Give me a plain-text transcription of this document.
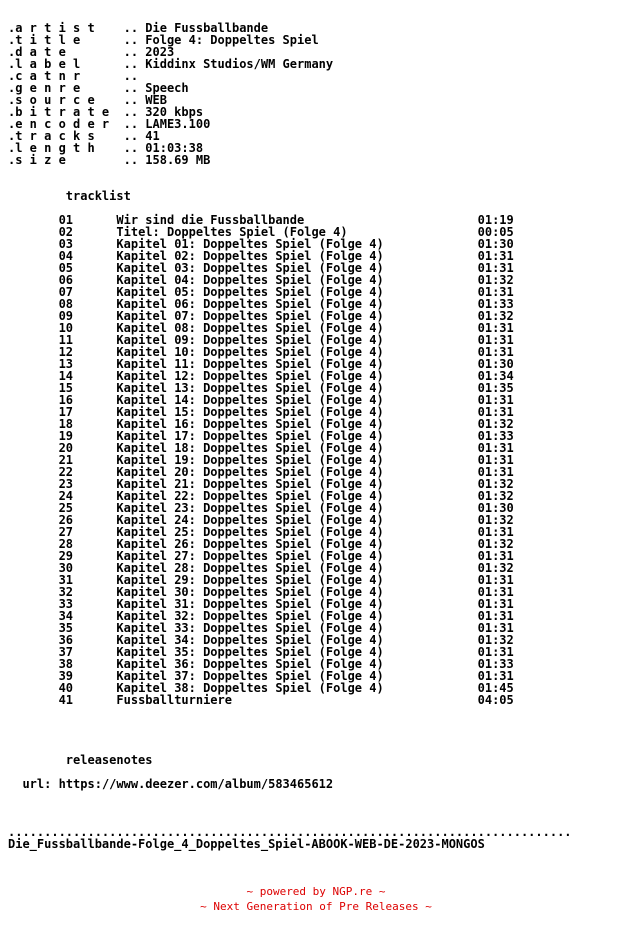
.a r t i s t    .. Die Fussballbande
.t i t l e      .. Folge 4: Doppeltes Spiel
.d a t e        .. 2023
.l a b e l      .. Kiddinx Studios/WM Germany
.c a t n r      ..
.g e n r e      .. Speech
.s o u r c e    .. WEB
.b i t r a t e  .. 320 kbps
.e n c o d e r  .. LAME3.100
.t r a c k s    .. 41
.l e n g t h    .. 01:03:38
.s i z e        .. 158.69 MB

tracklist

01	Wir sind die Fussballbande	01:19
02	Titel: Doppeltes Spiel (Folge 4)	00:05
03	Kapitel 01: Doppeltes Spiel (Folge 4)	01:30
04	Kapitel 02: Doppeltes Spiel (Folge 4)	01:31
05	Kapitel 03: Doppeltes Spiel (Folge 4)	01:31
06	Kapitel 04: Doppeltes Spiel (Folge 4)	01:32
07	Kapitel 05: Doppeltes Spiel (Folge 4)	01:31
08	Kapitel 06: Doppeltes Spiel (Folge 4)	01:33
09	Kapitel 07: Doppeltes Spiel (Folge 4)	01:32
10	Kapitel 08: Doppeltes Spiel (Folge 4)	01:31
11	Kapitel 09: Doppeltes Spiel (Folge 4)	01:31
12	Kapitel 10: Doppeltes Spiel (Folge 4)	01:31
13	Kapitel 11: Doppeltes Spiel (Folge 4)	01:30
14	Kapitel 12: Doppeltes Spiel (Folge 4)	01:34
15	Kapitel 13: Doppeltes Spiel (Folge 4)	01:35
16	Kapitel 14: Doppeltes Spiel (Folge 4)	01:31
17	Kapitel 15: Doppeltes Spiel (Folge 4)	01:31
18	Kapitel 16: Doppeltes Spiel (Folge 4)	01:32
19	Kapitel 17: Doppeltes Spiel (Folge 4)	01:33
20	Kapitel 18: Doppeltes Spiel (Folge 4)	01:31
21	Kapitel 19: Doppeltes Spiel (Folge 4)	01:31
22	Kapitel 20: Doppeltes Spiel (Folge 4)	01:31
23	Kapitel 21: Doppeltes Spiel (Folge 4)	01:32
24	Kapitel 22: Doppeltes Spiel (Folge 4)	01:32
25	Kapitel 23: Doppeltes Spiel (Folge 4)	01:30
26	Kapitel 24: Doppeltes Spiel (Folge 4)	01:32
27	Kapitel 25: Doppeltes Spiel (Folge 4)	01:31
28	Kapitel 26: Doppeltes Spiel (Folge 4)	01:32
29	Kapitel 27: Doppeltes Spiel (Folge 4)	01:31
30	Kapitel 28: Doppeltes Spiel (Folge 4)	01:32
31	Kapitel 29: Doppeltes Spiel (Folge 4)	01:31
32	Kapitel 30: Doppeltes Spiel (Folge 4)	01:31
33	Kapitel 31: Doppeltes Spiel (Folge 4)	01:31
34	Kapitel 32: Doppeltes Spiel (Folge 4)	01:31
35	Kapitel 33: Doppeltes Spiel (Folge 4)	01:31
36	Kapitel 34: Doppeltes Spiel (Folge 4)	01:32
37	Kapitel 35: Doppeltes Spiel (Folge 4)	01:31
38	Kapitel 36: Doppeltes Spiel (Folge 4)	01:33
39	Kapitel 37: Doppeltes Spiel (Folge 4)	01:31
40	Kapitel 38: Doppeltes Spiel (Folge 4)	01:45
41	Fussballturniere	04:05

releasenotes

url: https://www.deezer.com/album/583465612

..............................................................................
Die_Fussballbande-Folge_4_Doppeltes_Spiel-ABOOK-WEB-DE-2023-MONGOS
~ powered by NGP.re ~
~ Next Generation of Pre Releases ~
